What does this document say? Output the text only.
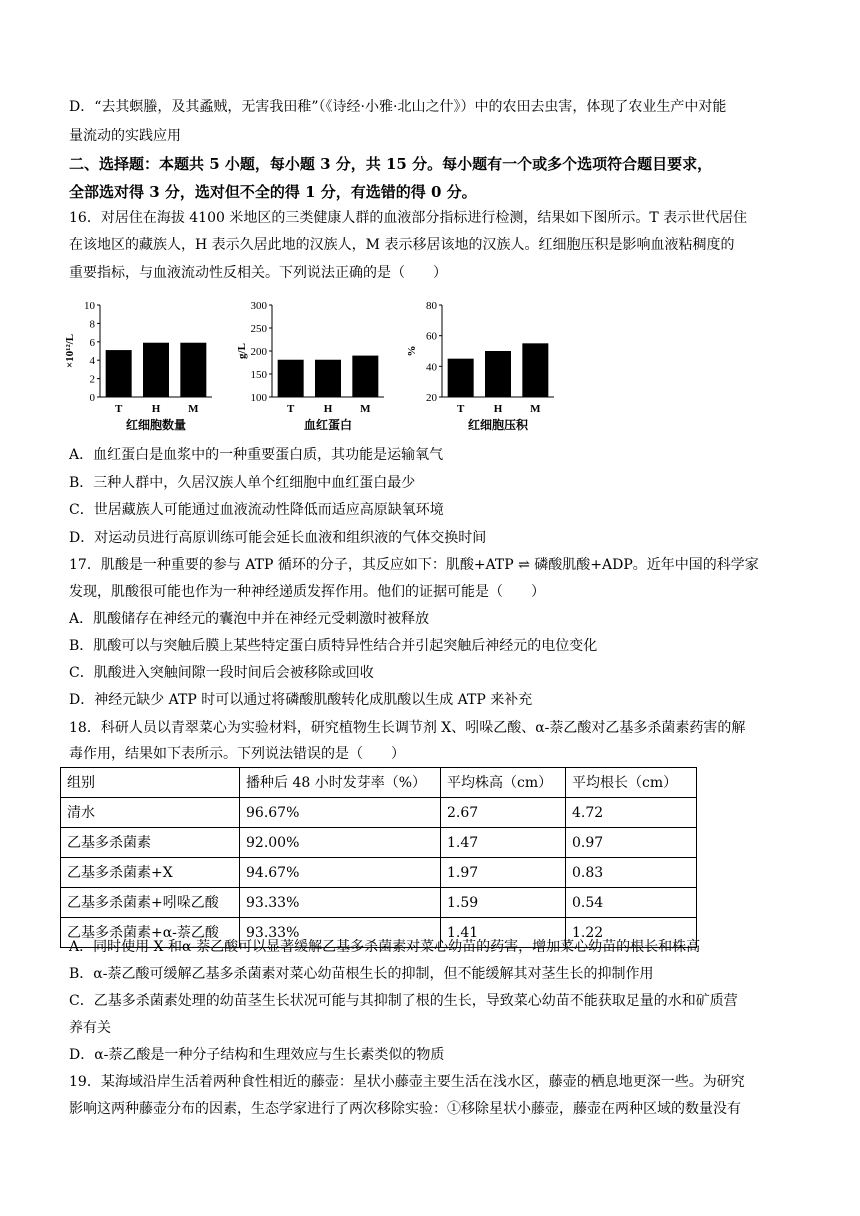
D．“去其螟螣，及其蟊贼，无害我田稚”（《诗经·小雅·北山之什》）中的农田去虫害，体现了农业生产中对能
量流动的实践应用
二、选择题：本题共 5 小题，每小题 3 分，共 15 分。每小题有一个或多个选项符合题目要求，
全部选对得 3 分，选对但不全的得 1 分，有选错的得 0 分。
16．对居住在海拔 4100 米地区的三类健康人群的血液部分指标进行检测，结果如下图所示。T 表示世代居住
在该地区的藏族人，H 表示久居此地的汉族人，M 表示移居该地的汉族人。红细胞压积是影响血液粘稠度的
重要指标，与血液流动性反相关。下列说法正确的是（　　）
0
2
4
6
8
10
×10¹²/L
T	H	M
红细胞数量
100
150
200
250
300
g/L
T	H	M
血红蛋白
20
40
60
80
%
T	H	M
红细胞压积
A．血红蛋白是血浆中的一种重要蛋白质，其功能是运输氧气
B．三种人群中，久居汉族人单个红细胞中血红蛋白最少
C．世居藏族人可能通过血液流动性降低而适应高原缺氧环境
D．对运动员进行高原训练可能会延长血液和组织液的气体交换时间
17．肌酸是一种重要的参与 ATP 循环的分子，其反应如下：肌酸+ATP ⇌ 磷酸肌酸+ADP。近年中国的科学家
发现，肌酸很可能也作为一种神经递质发挥作用。他们的证据可能是（　　）
A．肌酸储存在神经元的囊泡中并在神经元受刺激时被释放
B．肌酸可以与突触后膜上某些特定蛋白质特异性结合并引起突触后神经元的电位变化
C．肌酸进入突触间隙一段时间后会被移除或回收
D．神经元缺少 ATP 时可以通过将磷酸肌酸转化成肌酸以生成 ATP 来补充
18．科研人员以青翠菜心为实验材料，研究植物生长调节剂 X、吲哚乙酸、α-萘乙酸对乙基多杀菌素药害的解
毒作用，结果如下表所示。下列说法错误的是（　　）
组别	播种后 48 小时发芽率（%）	平均株高（cm）	平均根长（cm）
清水	96.67%	2.67	4.72
乙基多杀菌素	92.00%	1.47	0.97
乙基多杀菌素+X	94.67%	1.97	0.83
乙基多杀菌素+吲哚乙酸	93.33%	1.59	0.54
乙基多杀菌素+α-萘乙酸	93.33%	1.41	1.22
A．同时使用 X 和α-萘乙酸可以显著缓解乙基多杀菌素对菜心幼苗的药害，增加菜心幼苗的根长和株高
B．α-萘乙酸可缓解乙基多杀菌素对菜心幼苗根生长的抑制，但不能缓解其对茎生长的抑制作用
C．乙基多杀菌素处理的幼苗茎生长状况可能与其抑制了根的生长，导致菜心幼苗不能获取足量的水和矿质营
养有关
D．α-萘乙酸是一种分子结构和生理效应与生长素类似的物质
19．某海域沿岸生活着两种食性相近的藤壶：星状小藤壶主要生活在浅水区，藤壶的栖息地更深一些。为研究
影响这两种藤壶分布的因素，生态学家进行了两次移除实验：①移除星状小藤壶，藤壶在两种区域的数量没有
